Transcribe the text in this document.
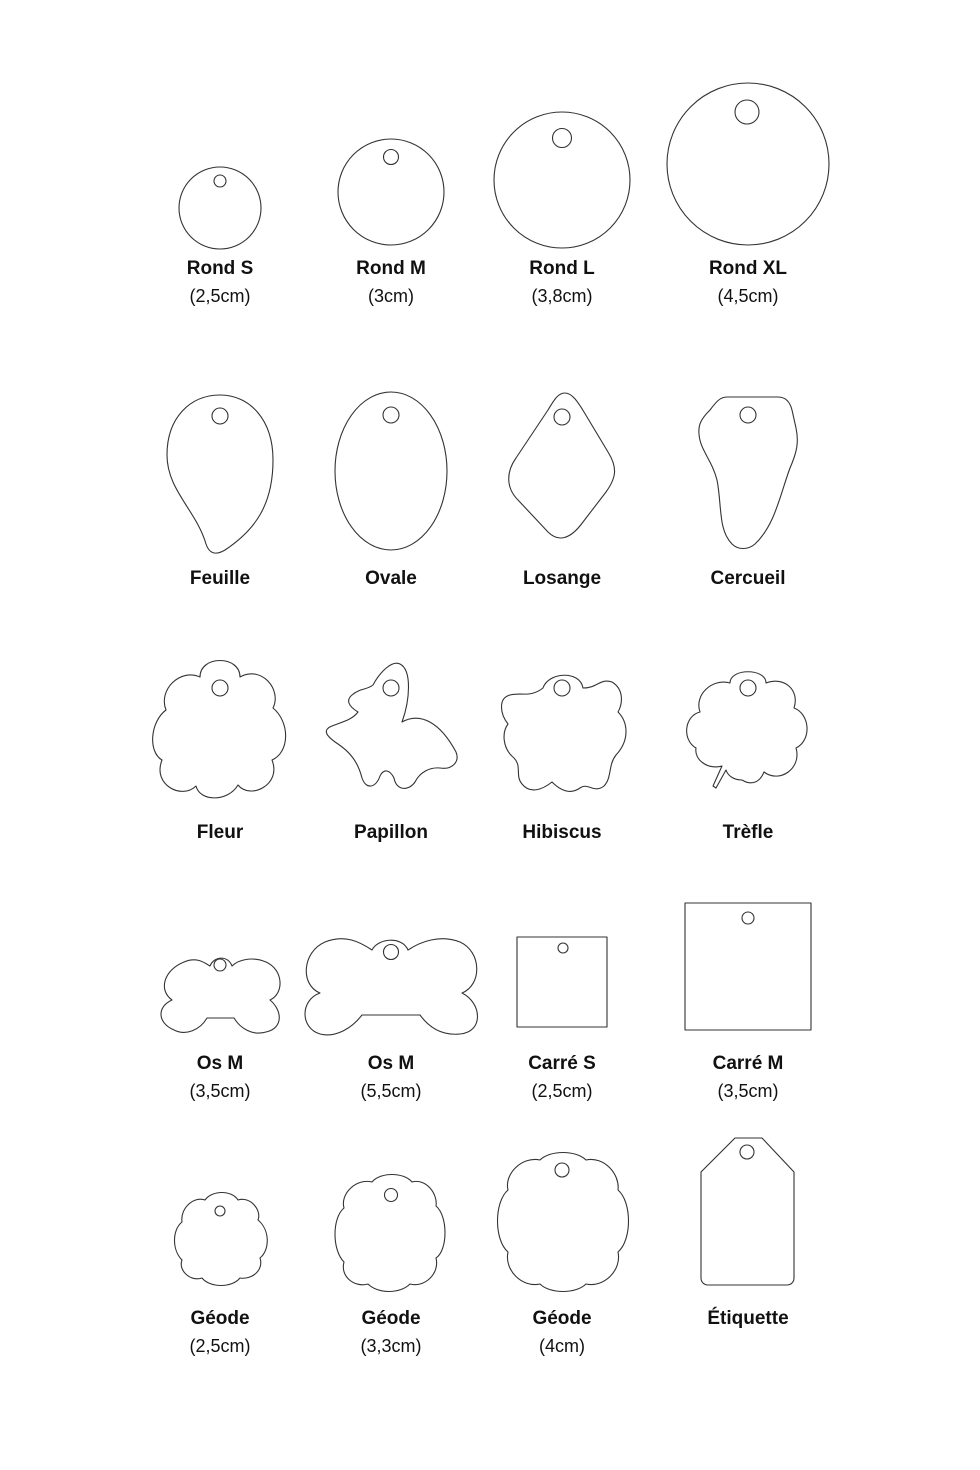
Rond S
(2,5cm)
Rond M
(3cm)
Rond L
(3,8cm)
Rond XL
(4,5cm)
Feuille	Ovale	Losange	Cercueil
Fleur	Papillon	Hibiscus	Trèfle
Os M
(3,5cm)
Os M
(5,5cm)
Carré S
(2,5cm)
Carré M
(3,5cm)
Géode
(2,5cm)
Géode
(3,3cm)
Géode
(4cm)
Étiquette
